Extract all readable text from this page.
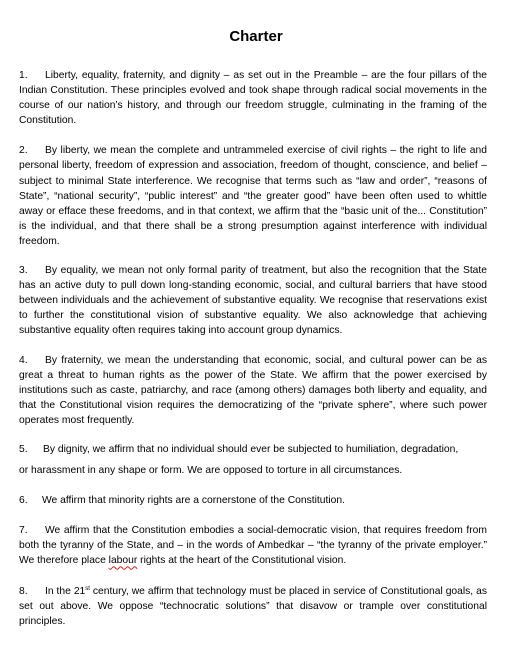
Charter

1. Liberty, equality, fraternity, and dignity – as set out in the Preamble – are the four pillars of the Indian Constitution. These principles evolved and took shape through radical social movements in the course of our nation’s history, and through our freedom struggle, culminating in the framing of the Constitution.

2. By liberty, we mean the complete and untrammeled exercise of civil rights – the right to life and personal liberty, freedom of expression and association, freedom of thought, conscience, and belief – subject to minimal State interference. We recognise that terms such as “law and order”, “reasons of State”, “national security”, “public interest” and “the greater good” have been often used to whittle away or efface these freedoms, and in that context, we affirm that the “basic unit of the... Constitution” is the individual, and that there shall be a strong presumption against interference with individual freedom.

3. By equality, we mean not only formal parity of treatment, but also the recognition that the State has an active duty to pull down long-standing economic, social, and cultural barriers that have stood between individuals and the achievement of substantive equality. We recognise that reservations exist to further the constitutional vision of substantive equality. We also acknowledge that achieving substantive equality often requires taking into account group dynamics.

4. By fraternity, we mean the understanding that economic, social, and cultural power can be as great a threat to human rights as the power of the State. We affirm that the power exercised by institutions such as caste, patriarchy, and race (among others) damages both liberty and equality, and that the Constitutional vision requires the democratizing of the “private sphere”, where such power operates most frequently.

5. By dignity, we affirm that no individual should ever be subjected to humiliation, degradation,
or harassment in any shape or form. We are opposed to torture in all circumstances.

6. We affirm that minority rights are a cornerstone of the Constitution.

7. We affirm that the Constitution embodies a social-democratic vision, that requires freedom from both the tyranny of the State, and – in the words of Ambedkar – “the tyranny of the private employer.” We therefore place labour rights at the heart of the Constitutional vision.

8. In the 21st century, we affirm that technology must be placed in service of Constitutional goals, as set out above. We oppose “technocratic solutions” that disavow or trample over constitutional principles.
